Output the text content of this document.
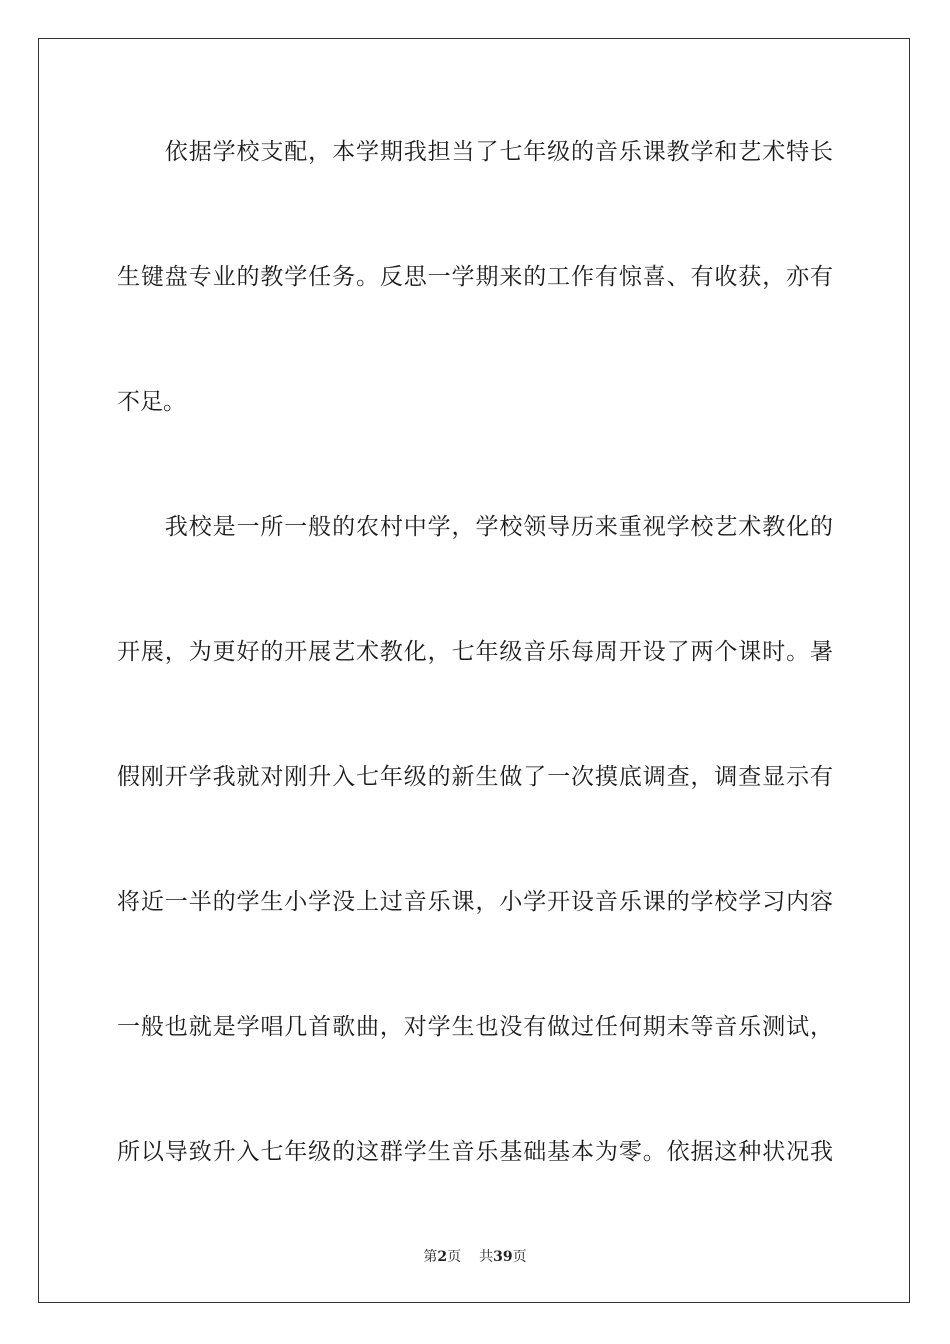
　　依据学校支配，本学期我担当了七年级的音乐课教学和艺术特长
生键盘专业的教学任务。反思一学期来的工作有惊喜、有收获，亦有
不足。
　　我校是一所一般的农村中学，学校领导历来重视学校艺术教化的
开展，为更好的开展艺术教化，七年级音乐每周开设了两个课时。暑
假刚开学我就对刚升入七年级的新生做了一次摸底调查，调查显示有
将近一半的学生小学没上过音乐课，小学开设音乐课的学校学习内容
一般也就是学唱几首歌曲，对学生也没有做过任何期末等音乐测试，
所以导致升入七年级的这群学生音乐基础基本为零。依据这种状况我
第2页 共39页
